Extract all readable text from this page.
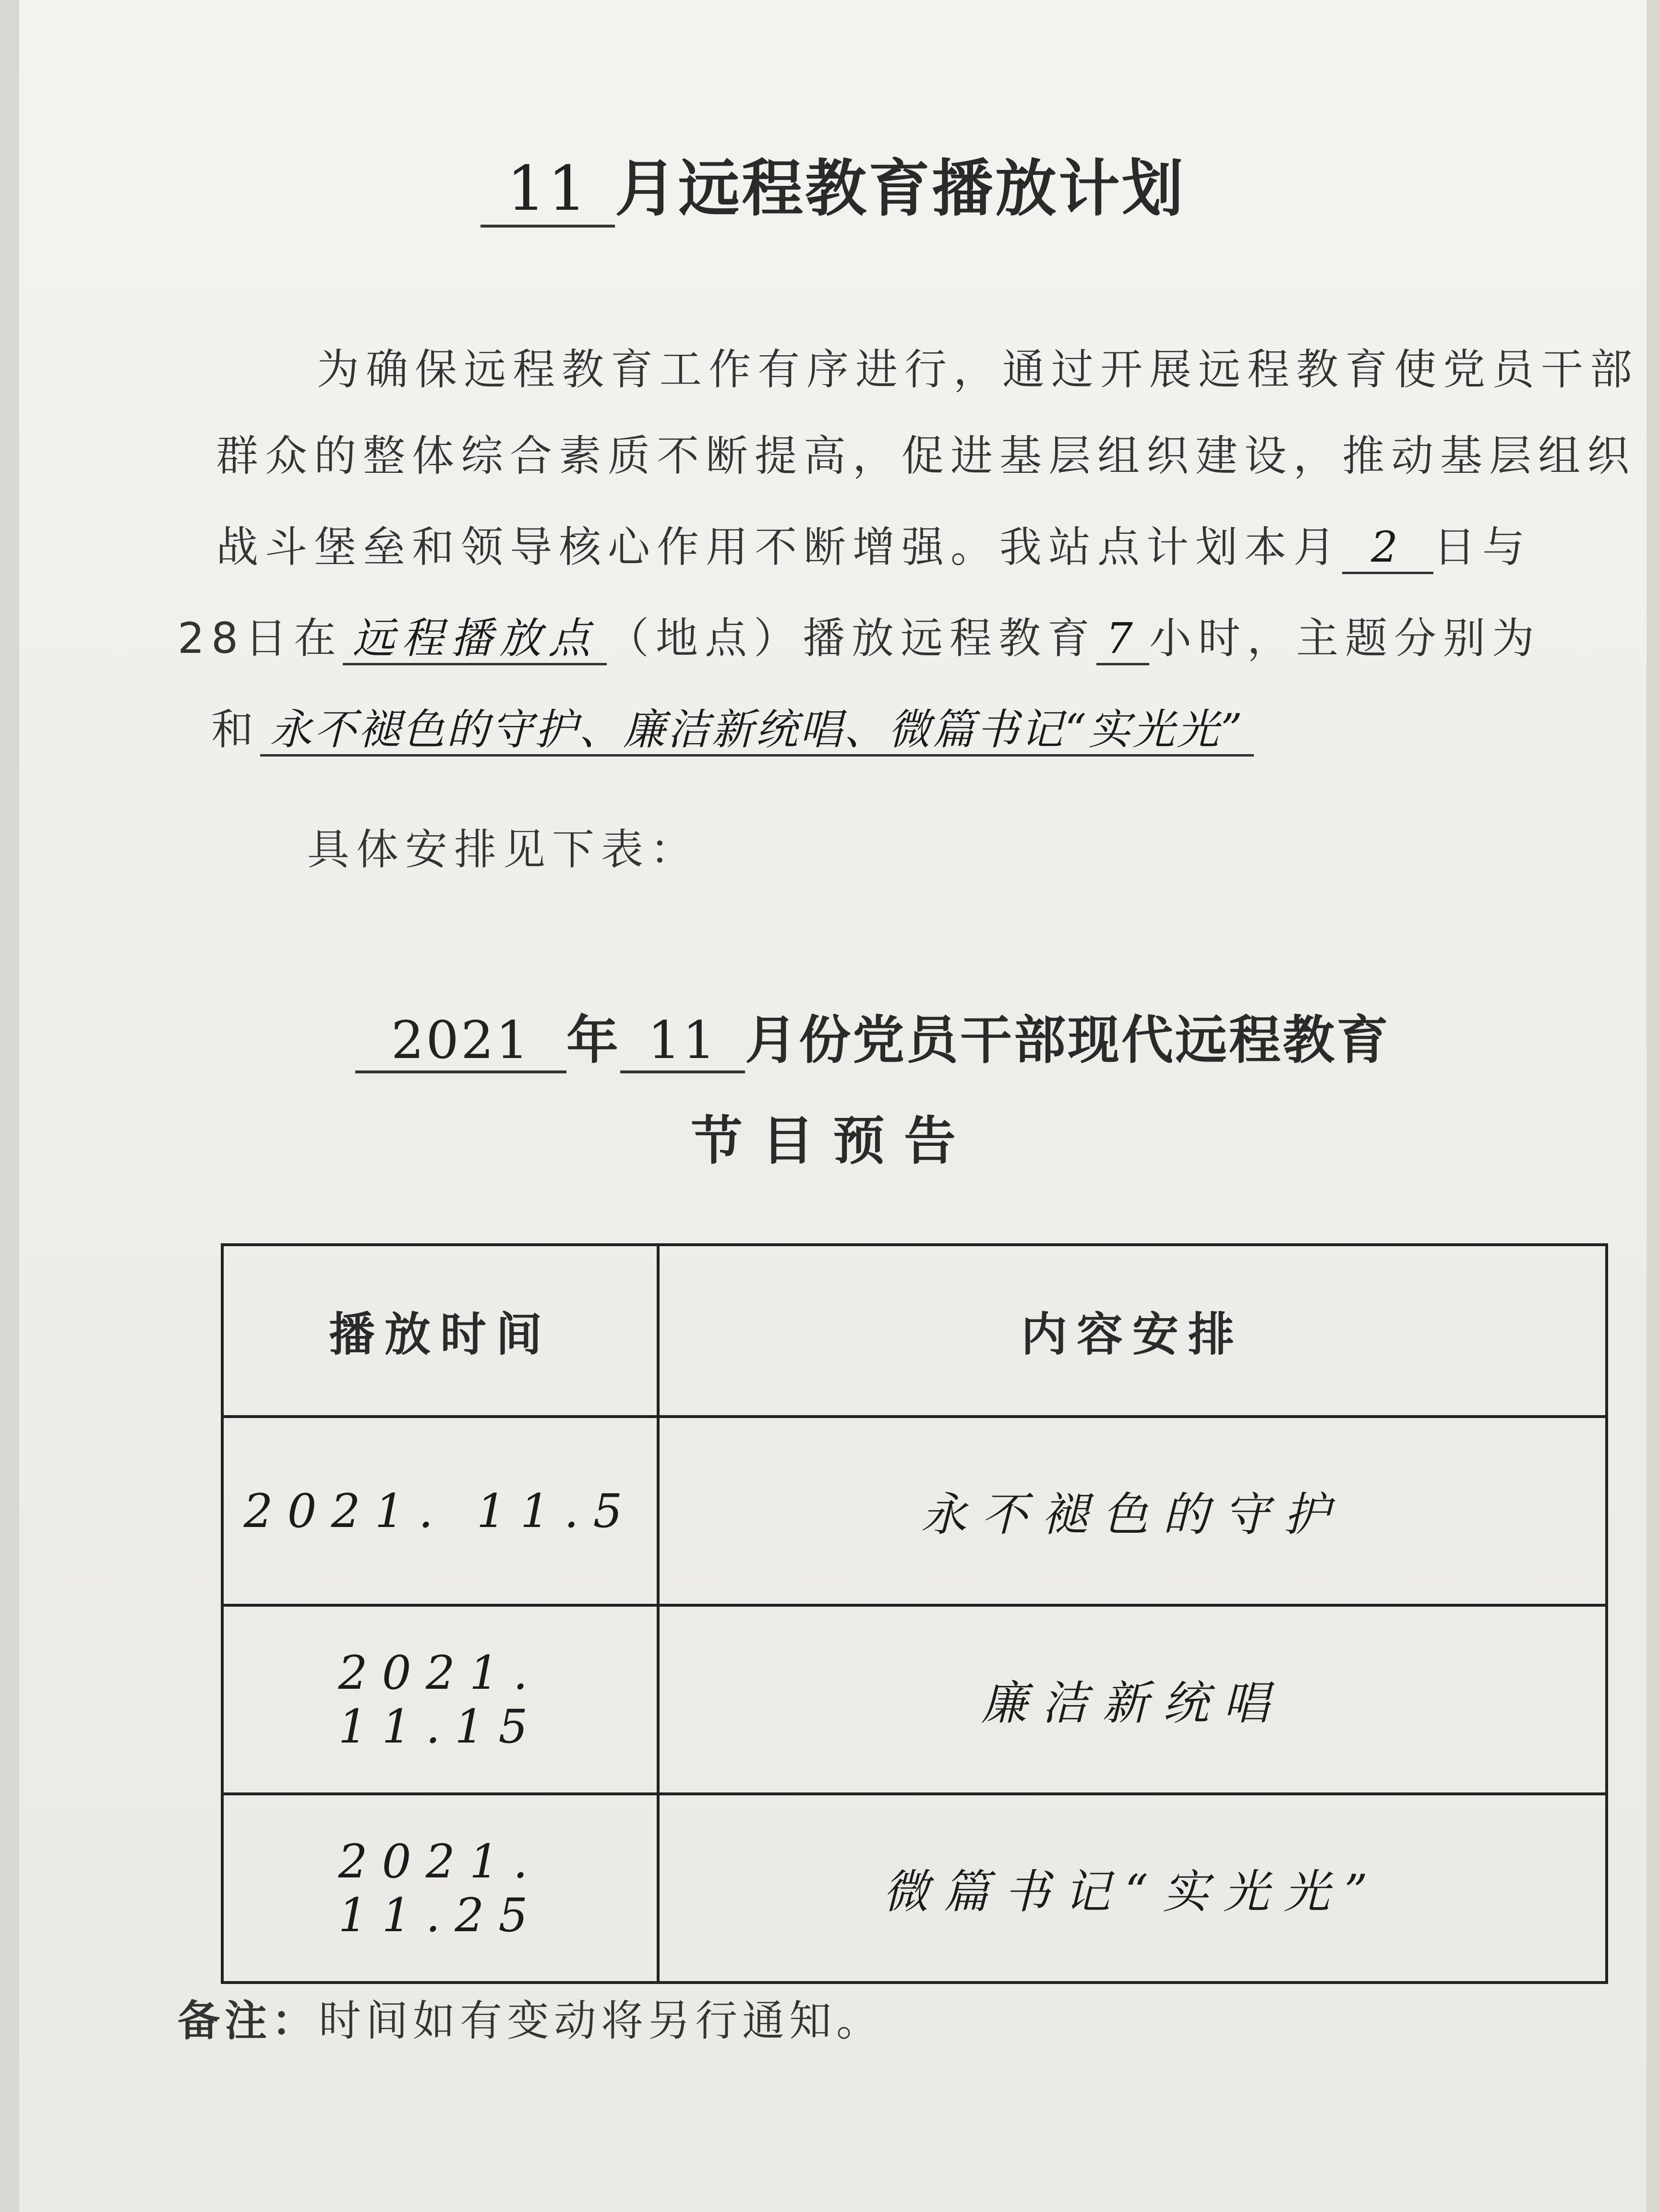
11 月远程教育播放计划
为确保远程教育工作有序进行，通过开展远程教育使党员干部
群众的整体综合素质不断提高，促进基层组织建设，推动基层组织
战斗堡垒和领导核心作用不断增强。我站点计划本月 2 日与
28日在 远程播放点 （地点）播放远程教育 7 小时，主题分别为
和 永不褪色的守护、廉洁新统唱、微篇书记“实光光”
具体安排见下表：
2021 年 11 月份党员干部现代远程教育
节目预告
播放时间	内容安排
2021. 11.5	永不褪色的守护
2021. 11.15	廉洁新统唱
2021. 11.25	微篇书记“实光光”
备注：时间如有变动将另行通知。
